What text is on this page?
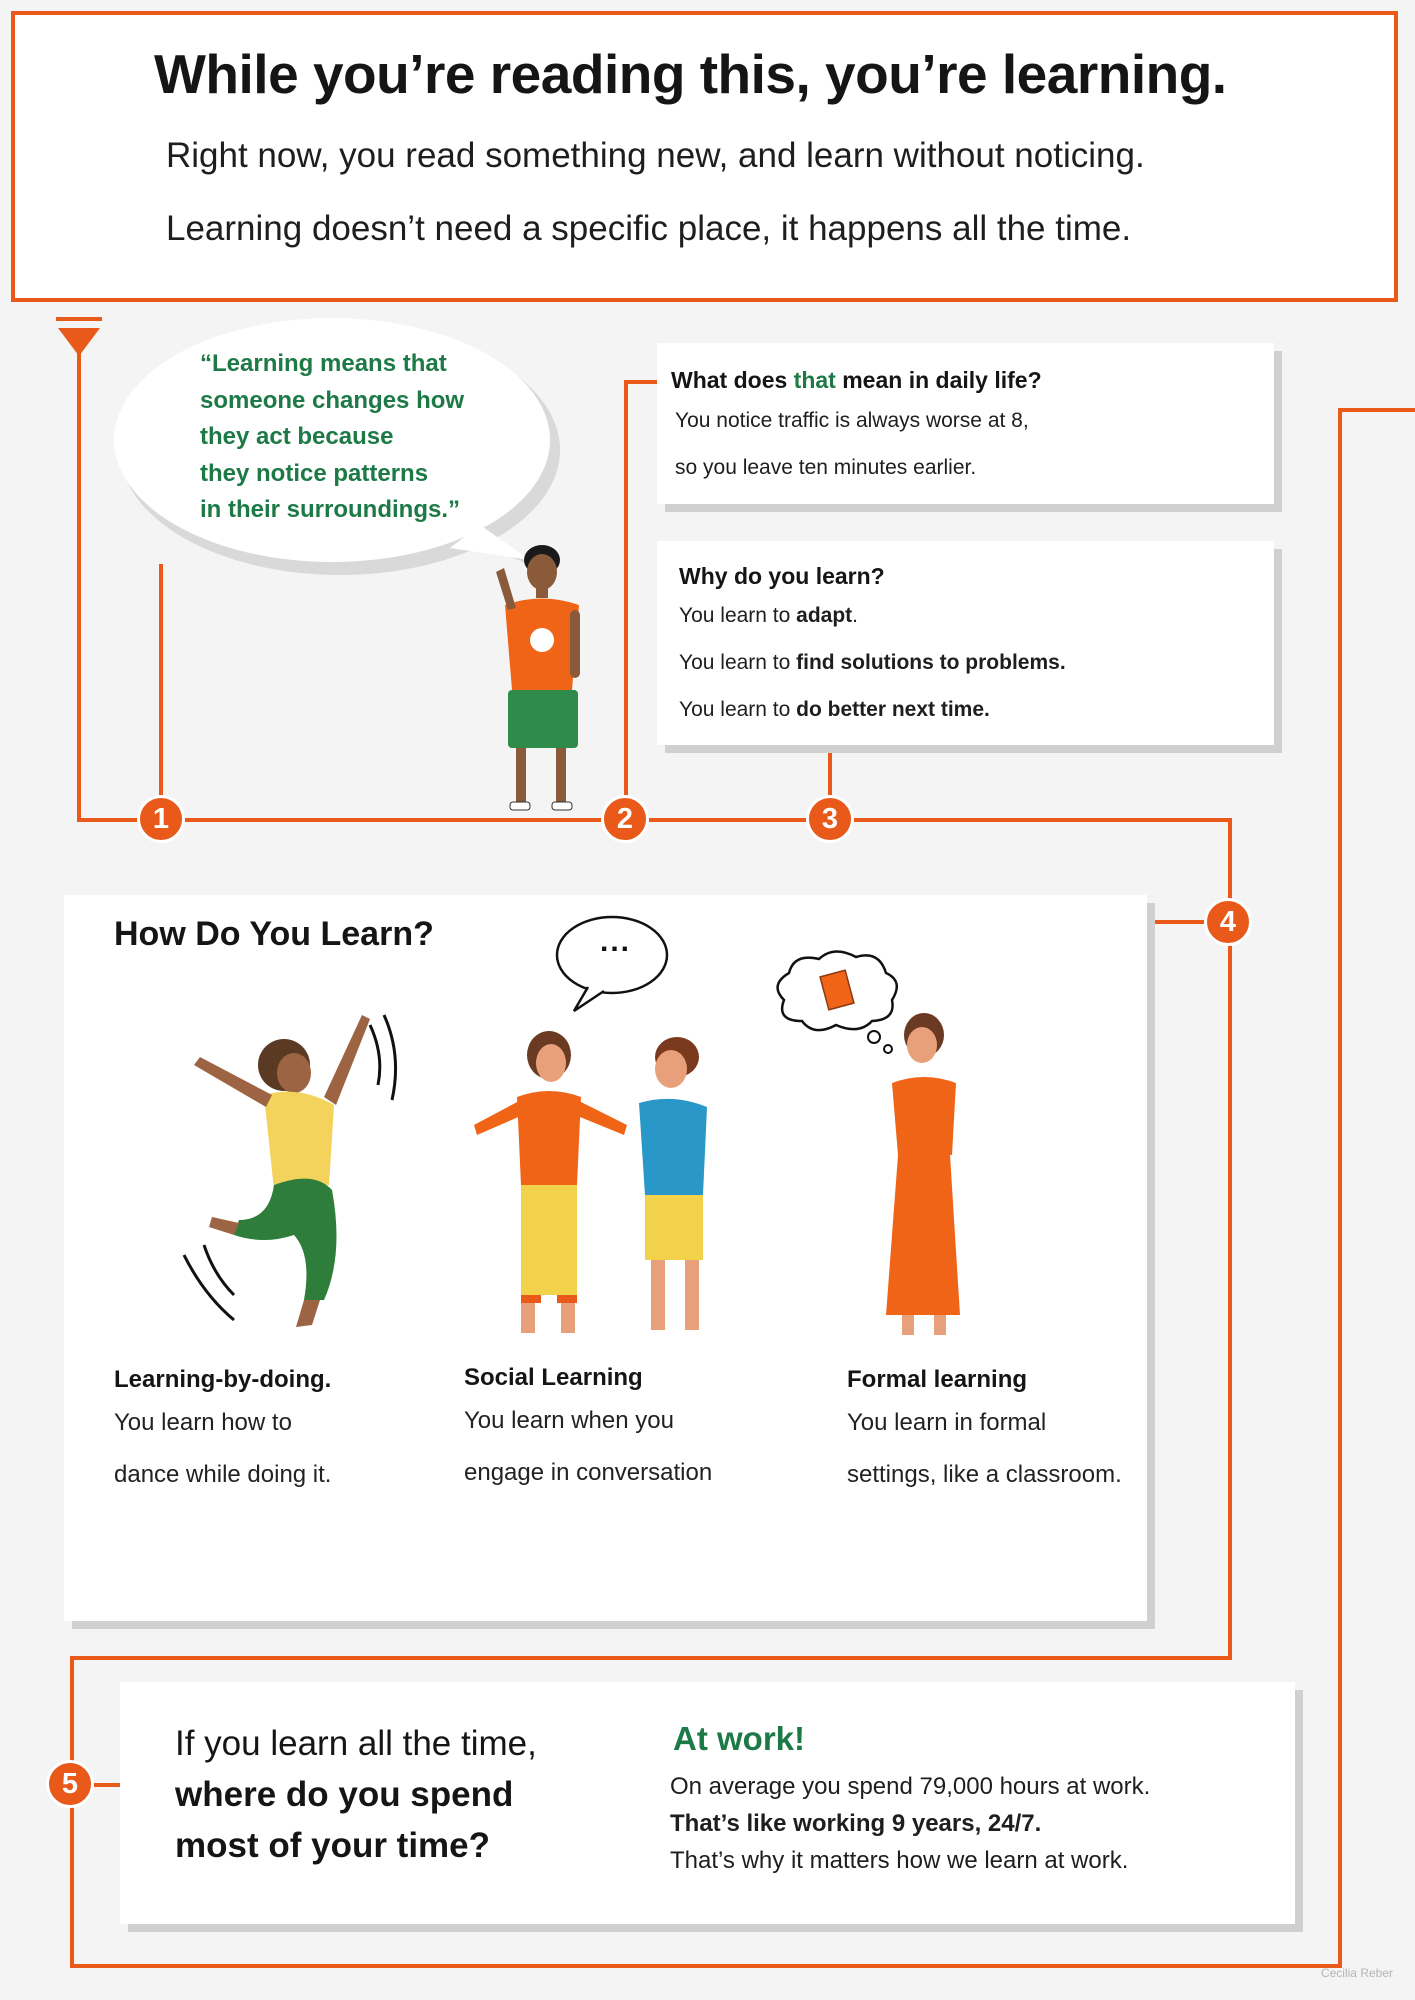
While you’re reading this, you’re learning.
Right now, you read something new, and learn without noticing.
Learning doesn’t need a specific place, it happens all the time.
“Learning means that
someone changes how
they act because
they notice patterns
in their surroundings.”
What does that mean in daily life?
You notice traffic is always worse at 8,
so you leave ten minutes earlier.
Why do you learn?
You learn to adapt.
You learn to find solutions to problems.
You learn to do better next time.
1	2	3
4
5
How Do You Learn?	...
Learning-by-doing.
You learn how to
dance while doing it.
Social Learning
You learn when you
engage in conversation
Formal learning
You learn in formal
settings, like a classroom.
If you learn all the time,
where do you spend
most of your time?
At work!
On average you spend 79,000 hours at work.
That’s like working 9 years, 24/7.
That’s why it matters how we learn at work.
Cecilia Reber
